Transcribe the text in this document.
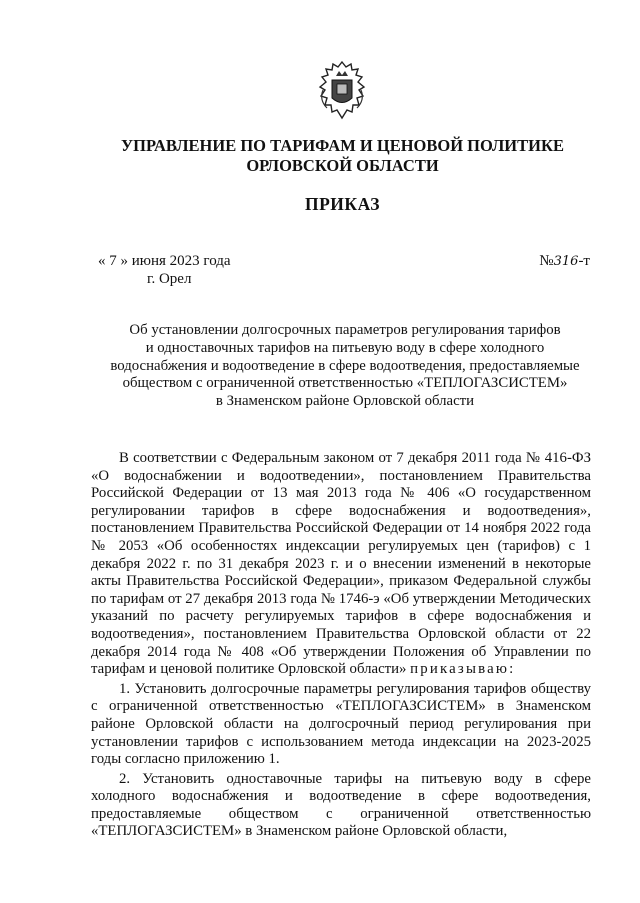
УПРАВЛЕНИЕ ПО ТАРИФАМ И ЦЕНОВОЙ ПОЛИТИКЕ
ОРЛОВСКОЙ ОБЛАСТИ
ПРИКАЗ
« 7 » июня 2023 года
г. Орел
№316-т
Об установлении долгосрочных параметров регулирования тарифов
и одноставочных тарифов на питьевую воду в сфере холодного
водоснабжения и водоотведение в сфере водоотведения, предоставляемые
обществом с ограниченной ответственностью «ТЕПЛОГАЗСИСТЕМ»
в Знаменском районе Орловской области

В соответствии с Федеральным законом от 7 декабря 2011 года № 416-ФЗ «О водоснабжении и водоотведении», постановлением Правительства Российской Федерации от 13 мая 2013 года № 406 «О государственном регулировании тарифов в сфере водоснабжения и водоотведения», постановлением Правительства Российской Федерации от 14 ноября 2022 года № 2053 «Об особенностях индексации регулируемых цен (тарифов) с 1 декабря 2022 г. по 31 декабря 2023 г. и о внесении изменений в некоторые акты Правительства Российской Федерации», приказом Федеральной службы по тарифам от 27 декабря 2013 года № 1746-э «Об утверждении Методических указаний по расчету регулируемых тарифов в сфере водоснабжения и водоотведения», постановлением Правительства Орловской области от 22 декабря 2014 года № 408 «Об утверждении Положения об Управлении по тарифам и ценовой политике Орловской области» приказываю:

1. Установить долгосрочные параметры регулирования тарифов обществу с ограниченной ответственностью «ТЕПЛОГАЗСИСТЕМ» в Знаменском районе Орловской области на долгосрочный период регулирования при установлении тарифов с использованием метода индексации на 2023-2025 годы согласно приложению 1.

2. Установить одноставочные тарифы на питьевую воду в сфере холодного водоснабжения и водоотведение в сфере водоотведения, предоставляемые обществом с ограниченной ответственностью «ТЕПЛОГАЗСИСТЕМ» в Знаменском районе Орловской области,
